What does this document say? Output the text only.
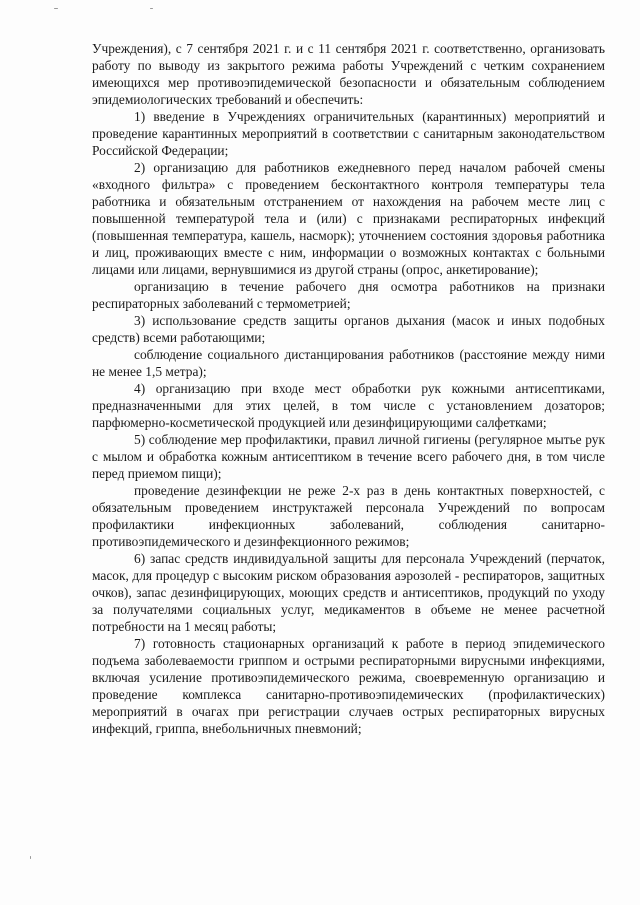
Учреждения), с 7 сентября 2021 г. и с 11 сентября 2021 г. соответственно, организовать работу по выводу из закрытого режима работы Учреждений с четким сохранением имеющихся мер противоэпидемической безопасности и обязательным соблюдением эпидемиологических требований и обеспечить:

1) введение в Учреждениях ограничительных (карантинных) мероприятий и проведение карантинных мероприятий в соответствии с санитарным законодательством Российской Федерации;

2) организацию для работников ежедневного перед началом рабочей смены «входного фильтра» с проведением бесконтактного контроля температуры тела работника и обязательным отстранением от нахождения на рабочем месте лиц с повышенной температурой тела и (или) с признаками респираторных инфекций (повышенная температура, кашель, насморк); уточнением состояния здоровья работника и лиц, проживающих вместе с ним, информации о возможных контактах с больными лицами или лицами, вернувшимися из другой страны (опрос, анкетирование);

организацию в течение рабочего дня осмотра работников на признаки респираторных заболеваний с термометрией;

3) использование средств защиты органов дыхания (масок и иных подобных средств) всеми работающими;

соблюдение социального дистанцирования работников (расстояние между ними не менее 1,5 метра);

4) организацию при входе мест обработки рук кожными антисептиками, предназначенными для этих целей, в том числе с установлением дозаторов; парфюмерно-косметической продукцией или дезинфицирующими салфетками;

5) соблюдение мер профилактики, правил личной гигиены (регулярное мытье рук с мылом и обработка кожным антисептиком в течение всего рабочего дня, в том числе перед приемом пищи);

проведение дезинфекции не реже 2-х раз в день контактных поверхностей, с обязательным проведением инструктажей персонала Учреждений по вопросам профилактики инфекционных заболеваний, соблюдения санитарно-противоэпидемического и дезинфекционного режимов;

6) запас средств индивидуальной защиты для персонала Учреждений (перчаток, масок, для процедур с высоким риском образования аэрозолей - респираторов, защитных очков), запас дезинфицирующих, моющих средств и антисептиков, продукций по уходу за получателями социальных услуг, медикаментов в объеме не менее расчетной потребности на 1 месяц работы;

7) готовность стационарных организаций к работе в период эпидемического подъема заболеваемости гриппом и острыми респираторными вирусными инфекциями, включая усиление противоэпидемического режима, своевременную организацию и проведение комплекса санитарно-противоэпидемических (профилактических) мероприятий в очагах при регистрации случаев острых респираторных вирусных инфекций, гриппа, внебольничных пневмоний;
